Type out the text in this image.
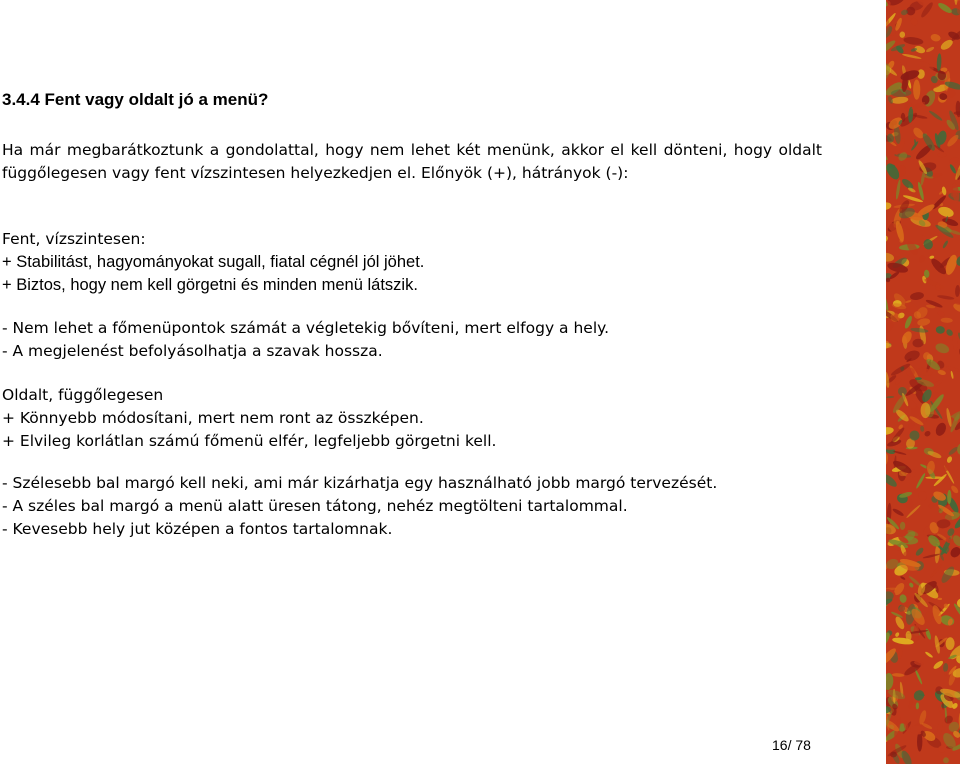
3.4.4 Fent vagy oldalt jó a menü?

Ha már megbarátkoztunk a gondolattal, hogy nem lehet két menünk, akkor el kell dönteni, hogy oldalt függőlegesen vagy fent vízszintesen helyezkedjen el. Előnyök (+), hátrányok (-):

Fent, vízszintesen:

+ Stabilitást, hagyományokat sugall, fiatal cégnél jól jöhet.

+ Biztos, hogy nem kell görgetni és minden menü látszik.

- Nem lehet a főmenüpontok számát a végletekig bővíteni, mert elfogy a hely.

- A megjelenést befolyásolhatja a szavak hossza.

Oldalt, függőlegesen

+ Könnyebb módosítani, mert nem ront az összképen.

+ Elvileg korlátlan számú főmenü elfér, legfeljebb görgetni kell.

- Szélesebb bal margó kell neki, ami már kizárhatja egy használható jobb margó tervezését.

- A széles bal margó a menü alatt üresen tátong, nehéz megtölteni tartalommal.

- Kevesebb hely jut középen a fontos tartalomnak.

16/ 78
